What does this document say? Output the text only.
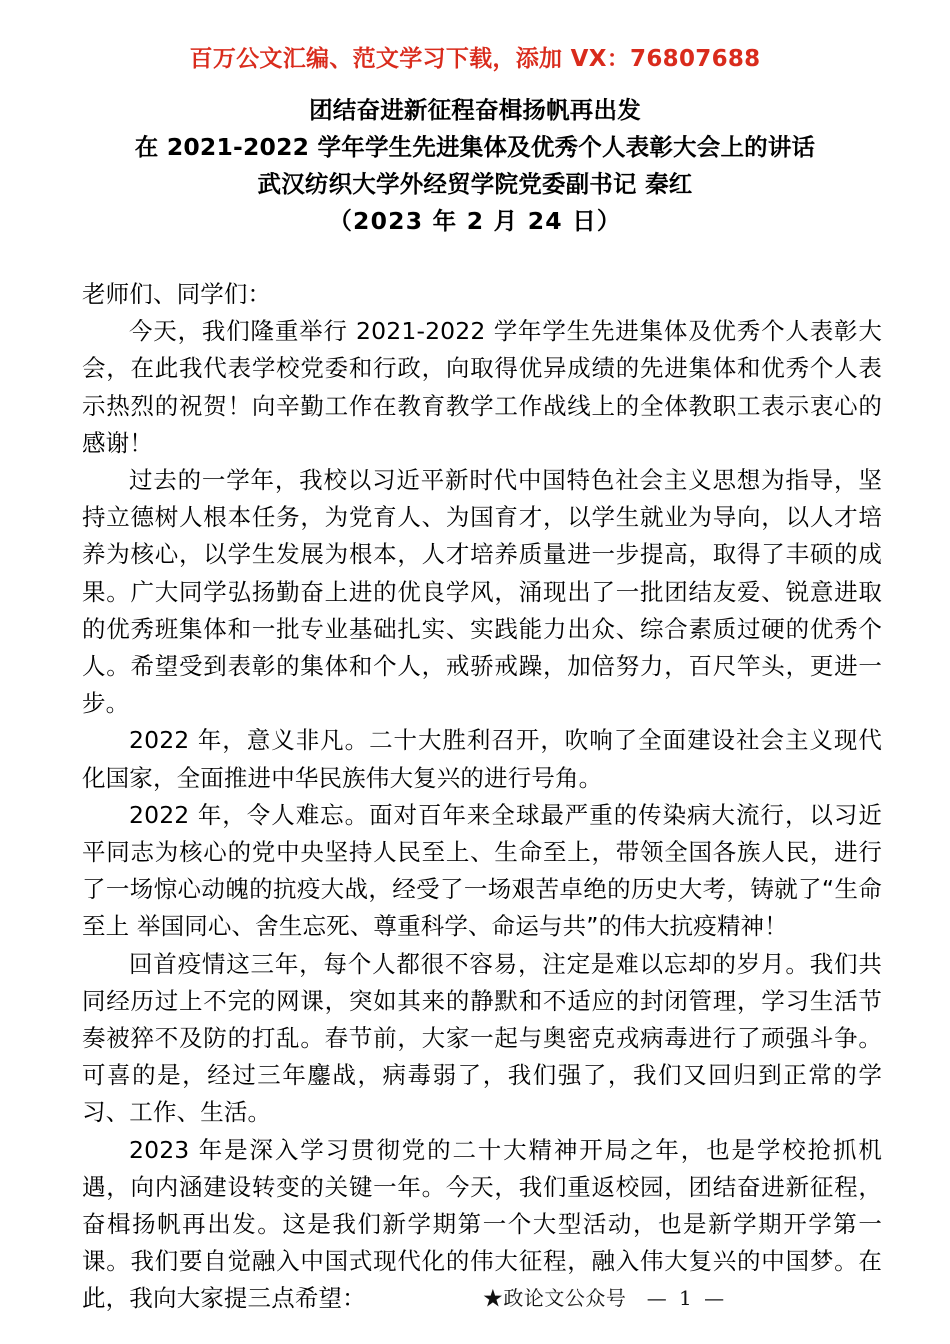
百万公文汇编、范文学习下载，添加 VX：76807688
团结奋进新征程奋楫扬帆再出发
在 2021-2022 学年学生先进集体及优秀个人表彰大会上的讲话
武汉纺织大学外经贸学院党委副书记 秦红
（2023 年 2 月 24 日）

老师们、同学们：

今天，我们隆重举行 2021-2022 学年学生先进集体及优秀个人表彰大会，在此我代表学校党委和行政，向取得优异成绩的先进集体和优秀个人表示热烈的祝贺！向辛勤工作在教育教学工作战线上的全体教职工表示衷心的感谢！

过去的一学年，我校以习近平新时代中国特色社会主义思想为指导，坚持立德树人根本任务，为党育人、为国育才，以学生就业为导向，以人才培养为核心，以学生发展为根本，人才培养质量进一步提高，取得了丰硕的成果。广大同学弘扬勤奋上进的优良学风，涌现出了一批团结友爱、锐意进取的优秀班集体和一批专业基础扎实、实践能力出众、综合素质过硬的优秀个人。希望受到表彰的集体和个人，戒骄戒躁，加倍努力，百尺竿头，更进一步。

2022 年，意义非凡。二十大胜利召开，吹响了全面建设社会主义现代化国家，全面推进中华民族伟大复兴的进行号角。

2022 年，令人难忘。面对百年来全球最严重的传染病大流行，以习近平同志为核心的党中央坚持人民至上、生命至上，带领全国各族人民，进行了一场惊心动魄的抗疫大战，经受了一场艰苦卓绝的历史大考，铸就了“生命至上 举国同心、舍生忘死、尊重科学、命运与共”的伟大抗疫精神！

回首疫情这三年，每个人都很不容易，注定是难以忘却的岁月。我们共同经历过上不完的网课，突如其来的静默和不适应的封闭管理，学习生活节奏被猝不及防的打乱。春节前，大家一起与奥密克戎病毒进行了顽强斗争。可喜的是，经过三年鏖战，病毒弱了，我们强了，我们又回归到正常的学习、工作、生活。

2023 年是深入学习贯彻党的二十大精神开局之年，也是学校抢抓机遇，向内涵建设转变的关键一年。今天，我们重返校园，团结奋进新征程，奋楫扬帆再出发。这是我们新学期第一个大型活动，也是新学期开学第一课。我们要自觉融入中国式现代化的伟大征程，融入伟大复兴的中国梦。在此，我向大家提三点希望：	★政论文公众号 — 1 —
